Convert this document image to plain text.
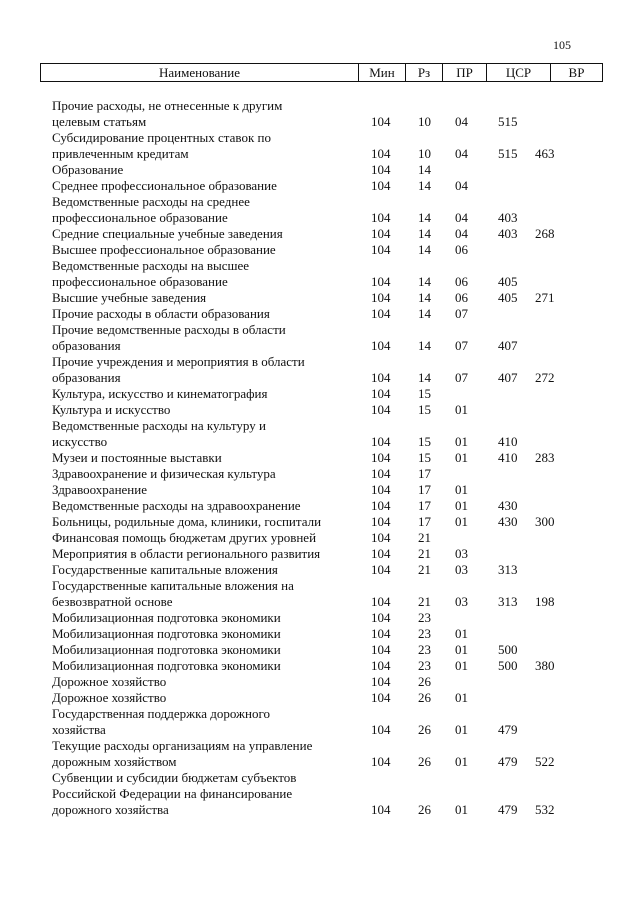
105
Наименование	Мин	Рз	ПР	ЦСР	ВР
Прочие расходы, не отнесенные к другим
целевым статьям	104 10 04 515
Субсидирование процентных ставок по
привлеченным кредитам	104 10 04 515 463
Образование	104 14
Среднее профессиональное образование	104 14 04
Ведомственные расходы на среднее
профессиональное образование	104 14 04 403
Средние специальные учебные заведения	104 14 04 403 268
Высшее профессиональное образование	104 14 06
Ведомственные расходы на высшее
профессиональное образование	104 14 06 405
Высшие учебные заведения	104 14 06 405 271
Прочие расходы в области образования	104 14 07
Прочие ведомственные расходы в области
образования	104 14 07 407
Прочие учреждения и мероприятия в области
образования	104 14 07 407 272
Культура, искусство и кинематография	104 15
Культура и искусство	104 15 01
Ведомственные расходы на культуру и
искусство	104 15 01 410
Музеи и постоянные выставки	104 15 01 410 283
Здравоохранение и физическая культура	104 17
Здравоохранение	104 17 01
Ведомственные расходы на здравоохранение	104 17 01 430
Больницы, родильные дома, клиники, госпитали	104 17 01 430 300
Финансовая помощь бюджетам других уровней	104 21
Мероприятия в области регионального развития	104 21 03
Государственные капитальные вложения	104 21 03 313
Государственные капитальные вложения на
безвозвратной основе	104 21 03 313 198
Мобилизационная подготовка экономики	104 23
Мобилизационная подготовка экономики	104 23 01
Мобилизационная подготовка экономики	104 23 01 500
Мобилизационная подготовка экономики	104 23 01 500 380
Дорожное хозяйство	104 26
Дорожное хозяйство	104 26 01
Государственная поддержка дорожного
хозяйства	104 26 01 479
Текущие расходы организациям на управление
дорожным хозяйством	104 26 01 479 522
Субвенции и субсидии бюджетам субъектов
Российской Федерации на финансирование
дорожного хозяйства	104 26 01 479 532
